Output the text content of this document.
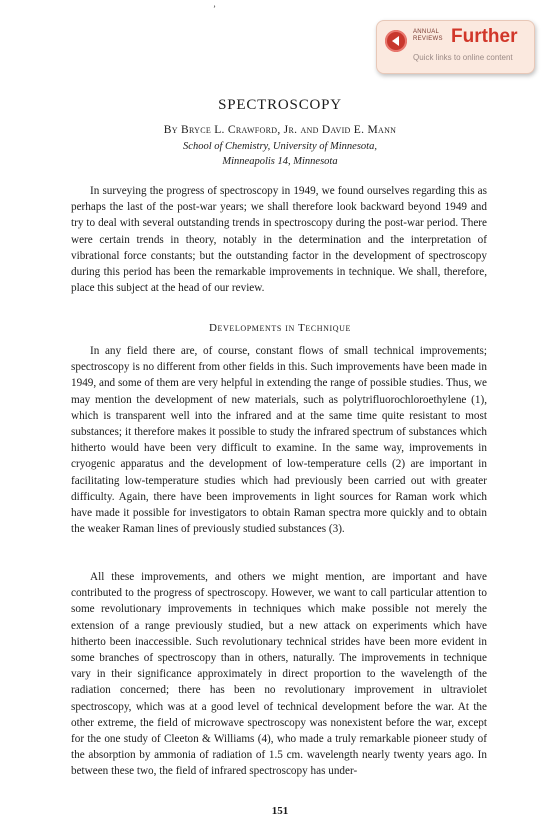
ʼ
ANNUAL
REVIEWS Further
Quick links to online content
SPECTROSCOPY
By Bryce L. Crawford, Jr. and David E. Mann
School of Chemistry, University of Minnesota,
Minneapolis 14, Minnesota

In surveying the progress of spectroscopy in 1949, we found ourselves regarding this as perhaps the last of the post-war years; we shall therefore look backward beyond 1949 and try to deal with several outstanding trends in spectroscopy during the post-war period. There were certain trends in theory, notably in the determination and the interpretation of vibrational force constants; but the outstanding factor in the development of spectroscopy during this period has been the remarkable improvements in technique. We shall, therefore, place this subject at the head of our review.

Developments in Technique

In any field there are, of course, constant flows of small technical improvements; spectroscopy is no different from other fields in this. Such improvements have been made in 1949, and some of them are very helpful in extending the range of possible studies. Thus, we may mention the development of new materials, such as polytrifluorochloroethylene (1), which is transparent well into the infrared and at the same time quite resistant to most substances; it therefore makes it possible to study the infrared spectrum of substances which hitherto would have been very difficult to examine. In the same way, improvements in cryogenic apparatus and the development of low-temperature cells (2) are important in facilitating low-temperature studies which had previously been carried out with greater difficulty. Again, there have been improvements in light sources for Raman work which have made it possible for investigators to obtain Raman spectra more quickly and to obtain the weaker Raman lines of previously studied substances (3).

All these improvements, and others we might mention, are important and have contributed to the progress of spectroscopy. However, we want to call particular attention to some revolutionary improvements in techniques which make possible not merely the extension of a range previously studied, but a new attack on experiments which have hitherto been inaccessible. Such revolutionary technical strides have been more evident in some branches of spectroscopy than in others, naturally. The improvements in technique vary in their significance approximately in direct proportion to the wavelength of the radiation concerned; there has been no revolutionary improvement in ultraviolet spectroscopy, which was at a good level of technical development before the war. At the other extreme, the field of microwave spectroscopy was nonexistent before the war, except for the one study of Cleeton & Williams (4), who made a truly remarkable pioneer study of the absorption by ammonia of radiation of 1.5 cm. wavelength nearly twenty years ago. In between these two, the field of infrared spectroscopy has under-

151
